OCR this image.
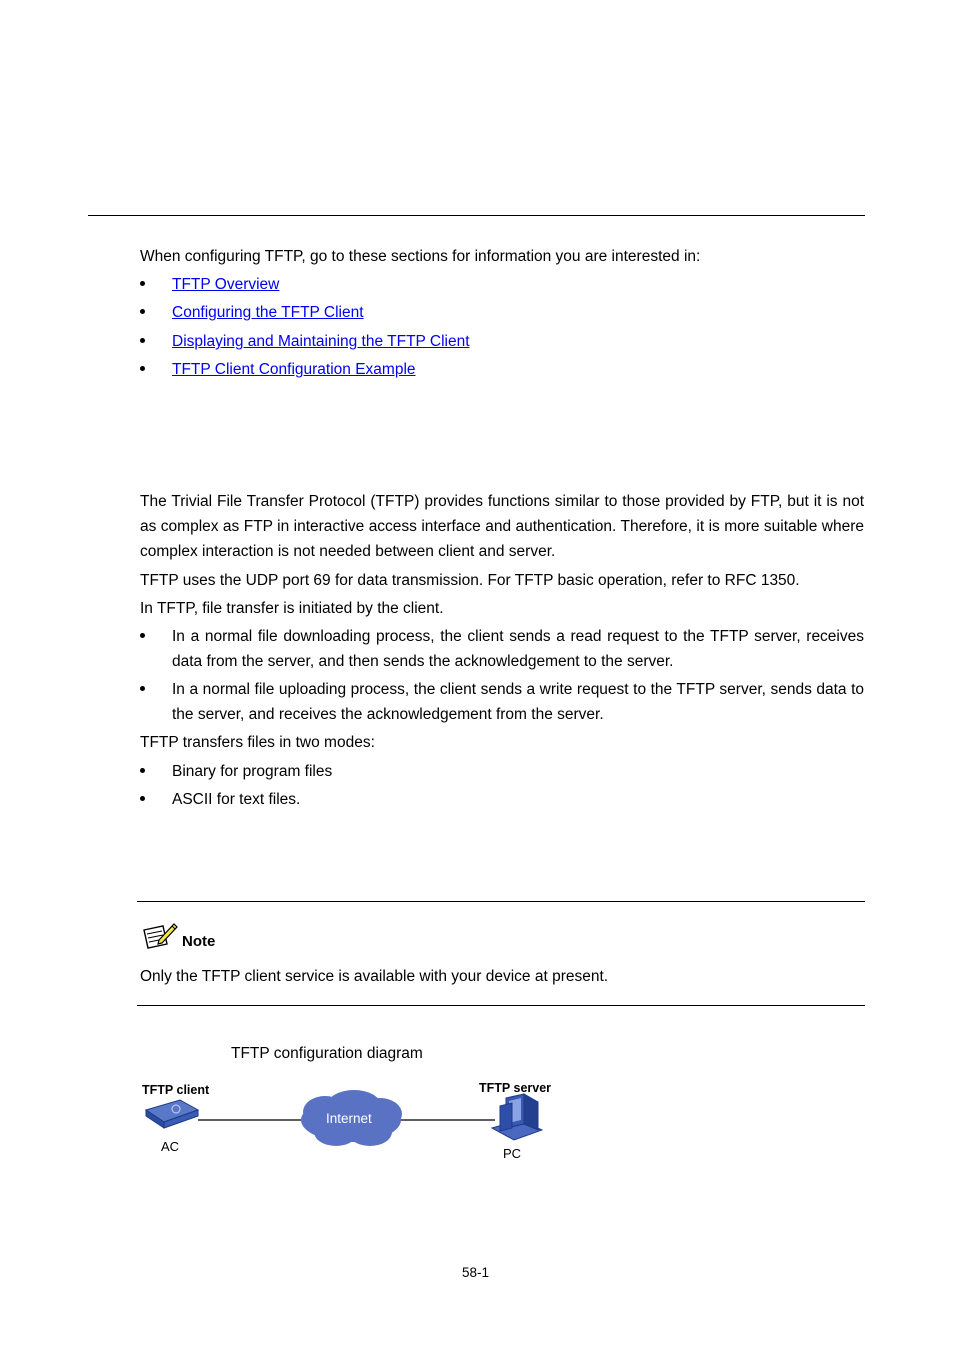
When configuring TFTP, go to these sections for information you are interested in:
TFTP Overview
Configuring the TFTP Client
Displaying and Maintaining the TFTP Client
TFTP Client Configuration Example
The Trivial File Transfer Protocol (TFTP) provides functions similar to those provided by FTP, but it is not as complex as FTP in interactive access interface and authentication. Therefore, it is more suitable where complex interaction is not needed between client and server.
TFTP uses the UDP port 69 for data transmission. For TFTP basic operation, refer to RFC 1350.
In TFTP, file transfer is initiated by the client.
In a normal file downloading process, the client sends a read request to the TFTP server, receives data from the server, and then sends the acknowledgement to the server.
In a normal file uploading process, the client sends a write request to the TFTP server, sends data to the server, and receives the acknowledgement from the server.
TFTP transfers files in two modes:
Binary for program files
ASCII for text files.
Note
Only the TFTP client service is available with your device at present.
TFTP configuration diagram
TFTP client
AC
Internet
TFTP server
PC
58-1
